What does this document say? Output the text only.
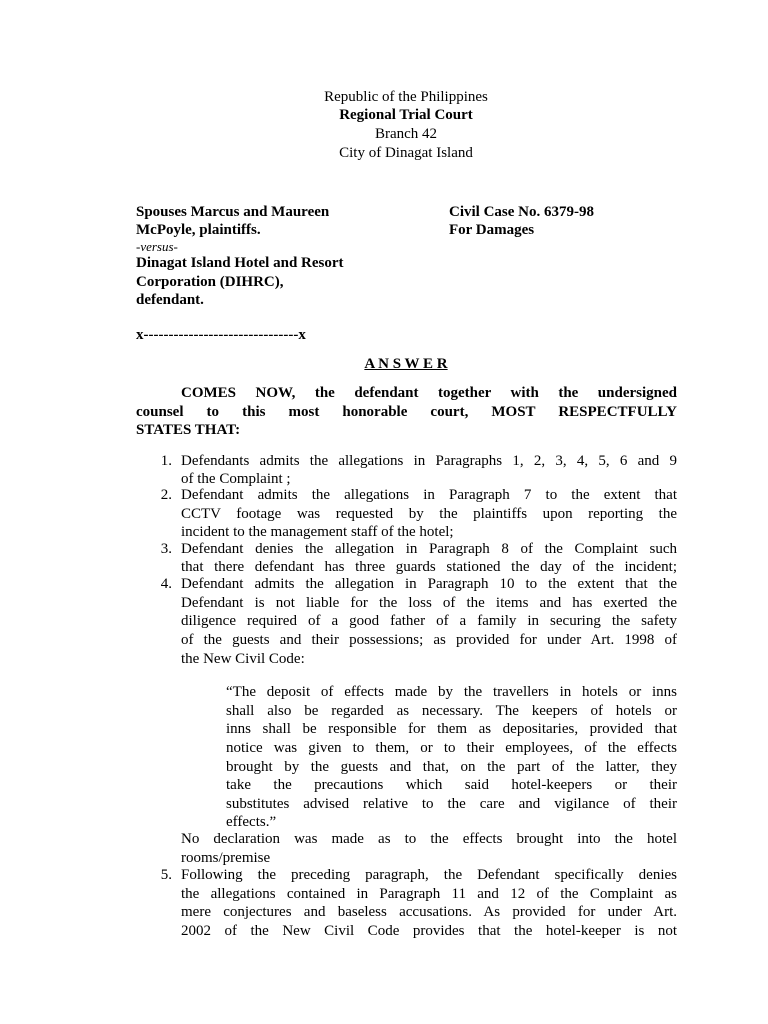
Republic of the Philippines
Regional Trial Court
Branch 42
City of Dinagat Island
Spouses Marcus and Maureen
McPoyle, plaintiffs.
-versus-
Dinagat Island Hotel and Resort
Corporation (DIHRC),
defendant.
Civil Case No. 6379-98
For Damages
x-------------------------------x
A N S W E R
COMES NOW, the defendant together with the undersigned
counsel to this most honorable court, MOST RESPECTFULLY
STATES THAT:
1. Defendants admits the allegations in Paragraphs 1, 2, 3, 4, 5, 6 and 9
of the Complaint ;
2. Defendant admits the allegations in Paragraph 7 to the extent that
CCTV footage was requested by the plaintiffs upon reporting the
incident to the management staff of the hotel;
3. Defendant denies the allegation in Paragraph 8 of the Complaint such
that there defendant has three guards stationed the day of the incident;
4. Defendant admits the allegation in Paragraph 10 to the extent that the
Defendant is not liable for the loss of the items and has exerted the
diligence required of a good father of a family in securing the safety
of the guests and their possessions; as provided for under Art. 1998 of
the New Civil Code:
“The deposit of effects made by the travellers in hotels or inns
shall also be regarded as necessary. The keepers of hotels or
inns shall be responsible for them as depositaries, provided that
notice was given to them, or to their employees, of the effects
brought by the guests and that, on the part of the latter, they
take the precautions which said hotel-keepers or their
substitutes advised relative to the care and vigilance of their
effects.”
No declaration was made as to the effects brought into the hotel
rooms/premise
5. Following the preceding paragraph, the Defendant specifically denies
the allegations contained in Paragraph 11 and 12 of the Complaint as
mere conjectures and baseless accusations. As provided for under Art.
2002 of the New Civil Code provides that the hotel-keeper is not
